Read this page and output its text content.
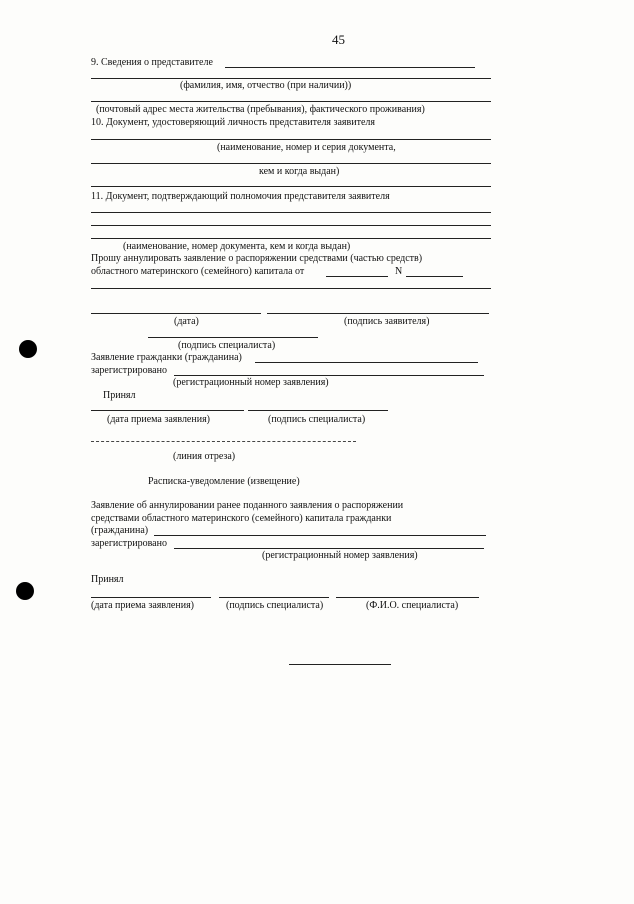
45
9. Сведения о представителе
(фамилия, имя, отчество (при наличии))
(почтовый адрес места жительства (пребывания), фактического проживания)
10. Документ, удостоверяющий личность представителя заявителя
(наименование, номер и серия документа,
кем и когда выдан)
11. Документ, подтверждающий полномочия представителя заявителя
(наименование, номер документа, кем и когда выдан)
Прошу аннулировать заявление о распоряжении средствами (частью средств)
областного материнского (семейного) капитала от	N
(дата)	(подпись заявителя)
(подпись специалиста)
Заявление гражданки (гражданина)
зарегистрировано
(регистрационный номер заявления)
Принял
(дата приема заявления)	(подпись специалиста)
(линия отреза)
Расписка-уведомление (извещение)
Заявление об аннулировании ранее поданного заявления о распоряжении
средствами областного материнского (семейного) капитала гражданки
(гражданина)
зарегистрировано
(регистрационный номер заявления)
Принял
(дата приема заявления)	(подпись специалиста)	(Ф.И.О. специалиста)
